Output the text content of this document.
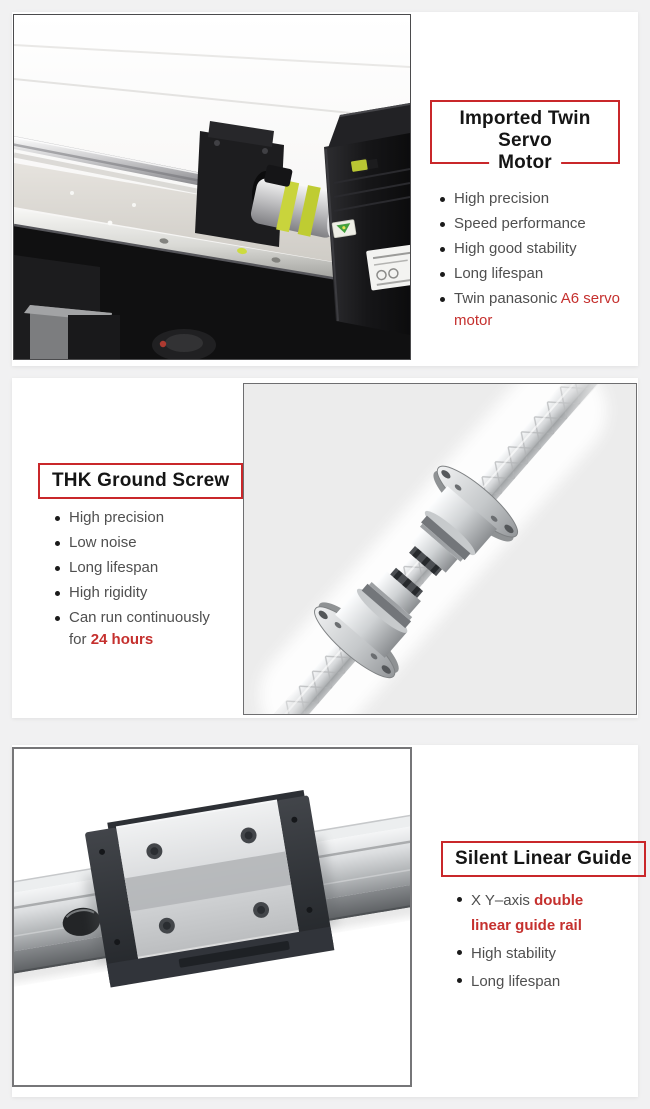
Imported Twin Servo
Motor
High precision
Speed performance
High good stability
Long lifespan
Twin panasonic A6 servo motor
THK Ground Screw
High precision
Low noise
Long lifespan
High rigidity
Can run continuously for 24 hours
Silent Linear Guide
X Y–axis double linear guide rail
High stability
Long lifespan
